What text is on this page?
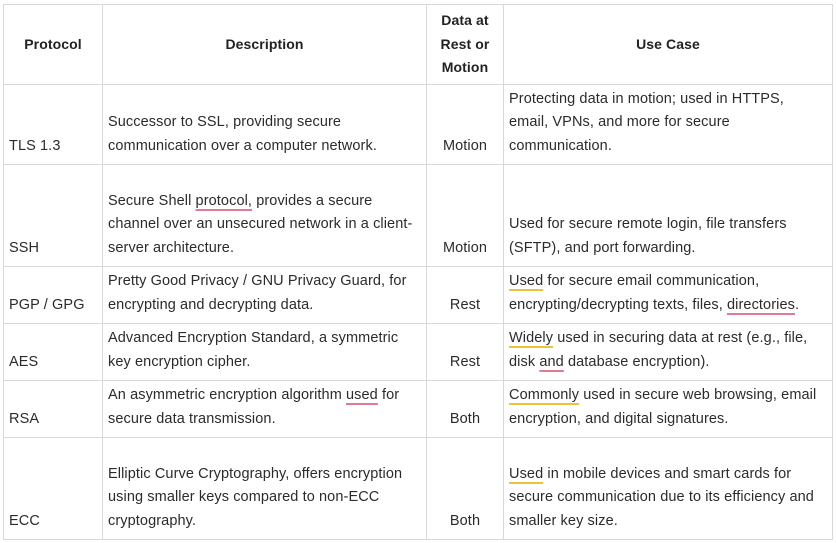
Protocol	Description	Data at Rest or Motion	Use Case
TLS 1.3	Successor to SSL, providing secure communication over a computer network.	Motion	Protecting data in motion; used in HTTPS, email, VPNs, and more for secure communication.
SSH	Secure Shell protocol, provides a secure channel over an unsecured network in a client-server architecture.	Motion	Used for secure remote login, file transfers (SFTP), and port forwarding.
PGP / GPG	Pretty Good Privacy / GNU Privacy Guard, for encrypting and decrypting data.	Rest	Used for secure email communication, encrypting/decrypting texts, files, directories.
AES	Advanced Encryption Standard, a symmetric key encryption cipher.	Rest	Widely used in securing data at rest (e.g., file, disk and database encryption).
RSA	An asymmetric encryption algorithm used for secure data transmission.	Both	Commonly used in secure web browsing, email encryption, and digital signatures.
ECC	Elliptic Curve Cryptography, offers encryption using smaller keys compared to non-ECC cryptography.	Both	Used in mobile devices and smart cards for secure communication due to its efficiency and smaller key size.
